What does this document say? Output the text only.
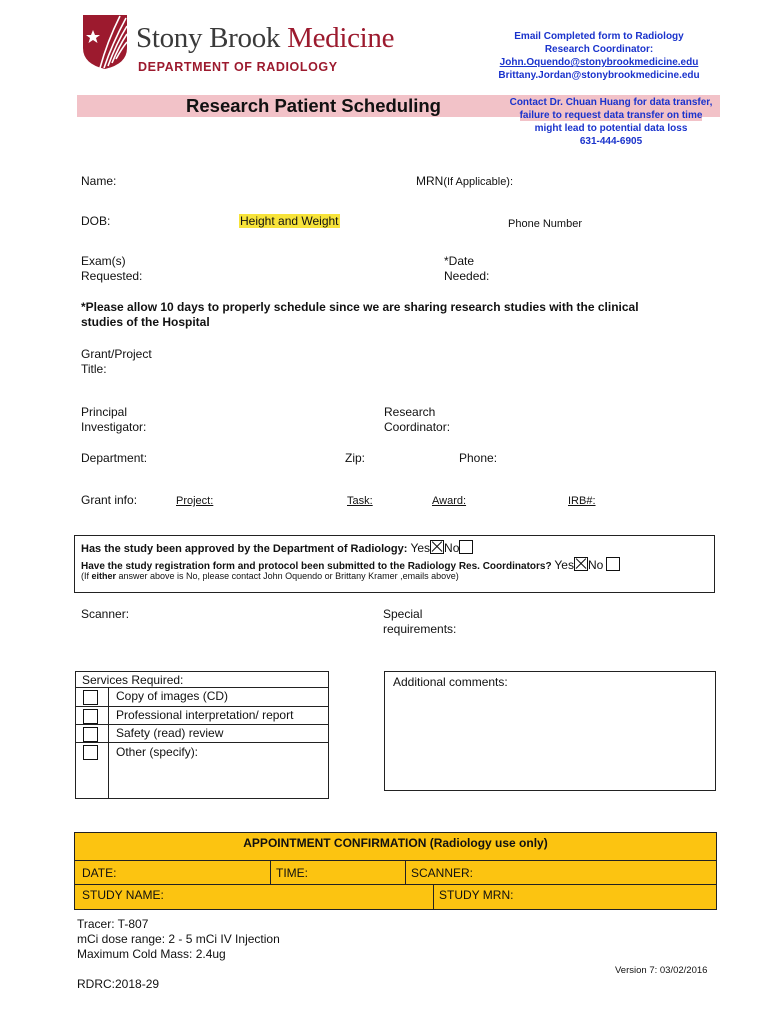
Stony Brook Medicine
DEPARTMENT OF RADIOLOGY
Email Completed form to Radiology
Research Coordinator:
John.Oquendo@stonybrookmedicine.edu
Brittany.Jordan@stonybrookmedicine.edu
Research Patient Scheduling	Contact Dr. Chuan Huang for data transfer,
failure to request data transfer on time
might lead to potential data loss
631-444-6905
Name:	MRN(If Applicable):
DOB:	Height and Weight	Phone Number
Exam(s)
Requested:
*Date
Needed:
*Please allow 10 days to properly schedule since we are sharing research studies with the clinical
studies of the Hospital
Grant/Project
Title:
Principal
Investigator:
Research
Coordinator:
Department:	Zip:	Phone:
Grant info:	Project:	Task:	Award:	IRB#:
Has the study been approved by the Department of Radiology: Yes No
Have the study registration form and protocol been submitted to the Radiology Res. Coordinators? Yes No
(If either answer above is No, please contact John Oquendo or Brittany Kramer ,emails above)
Scanner:	Special
requirements:
Services Required:
Copy of images (CD)
Professional interpretation/ report
Safety (read) review
Other (specify):
Additional comments:
APPOINTMENT CONFIRMATION (Radiology use only)
DATE:	TIME:	SCANNER:
STUDY NAME:	STUDY MRN:
Tracer: T-807
mCi dose range: 2 - 5 mCi IV Injection
Maximum Cold Mass: 2.4ug
Version 7: 03/02/2016
RDRC:2018-29
